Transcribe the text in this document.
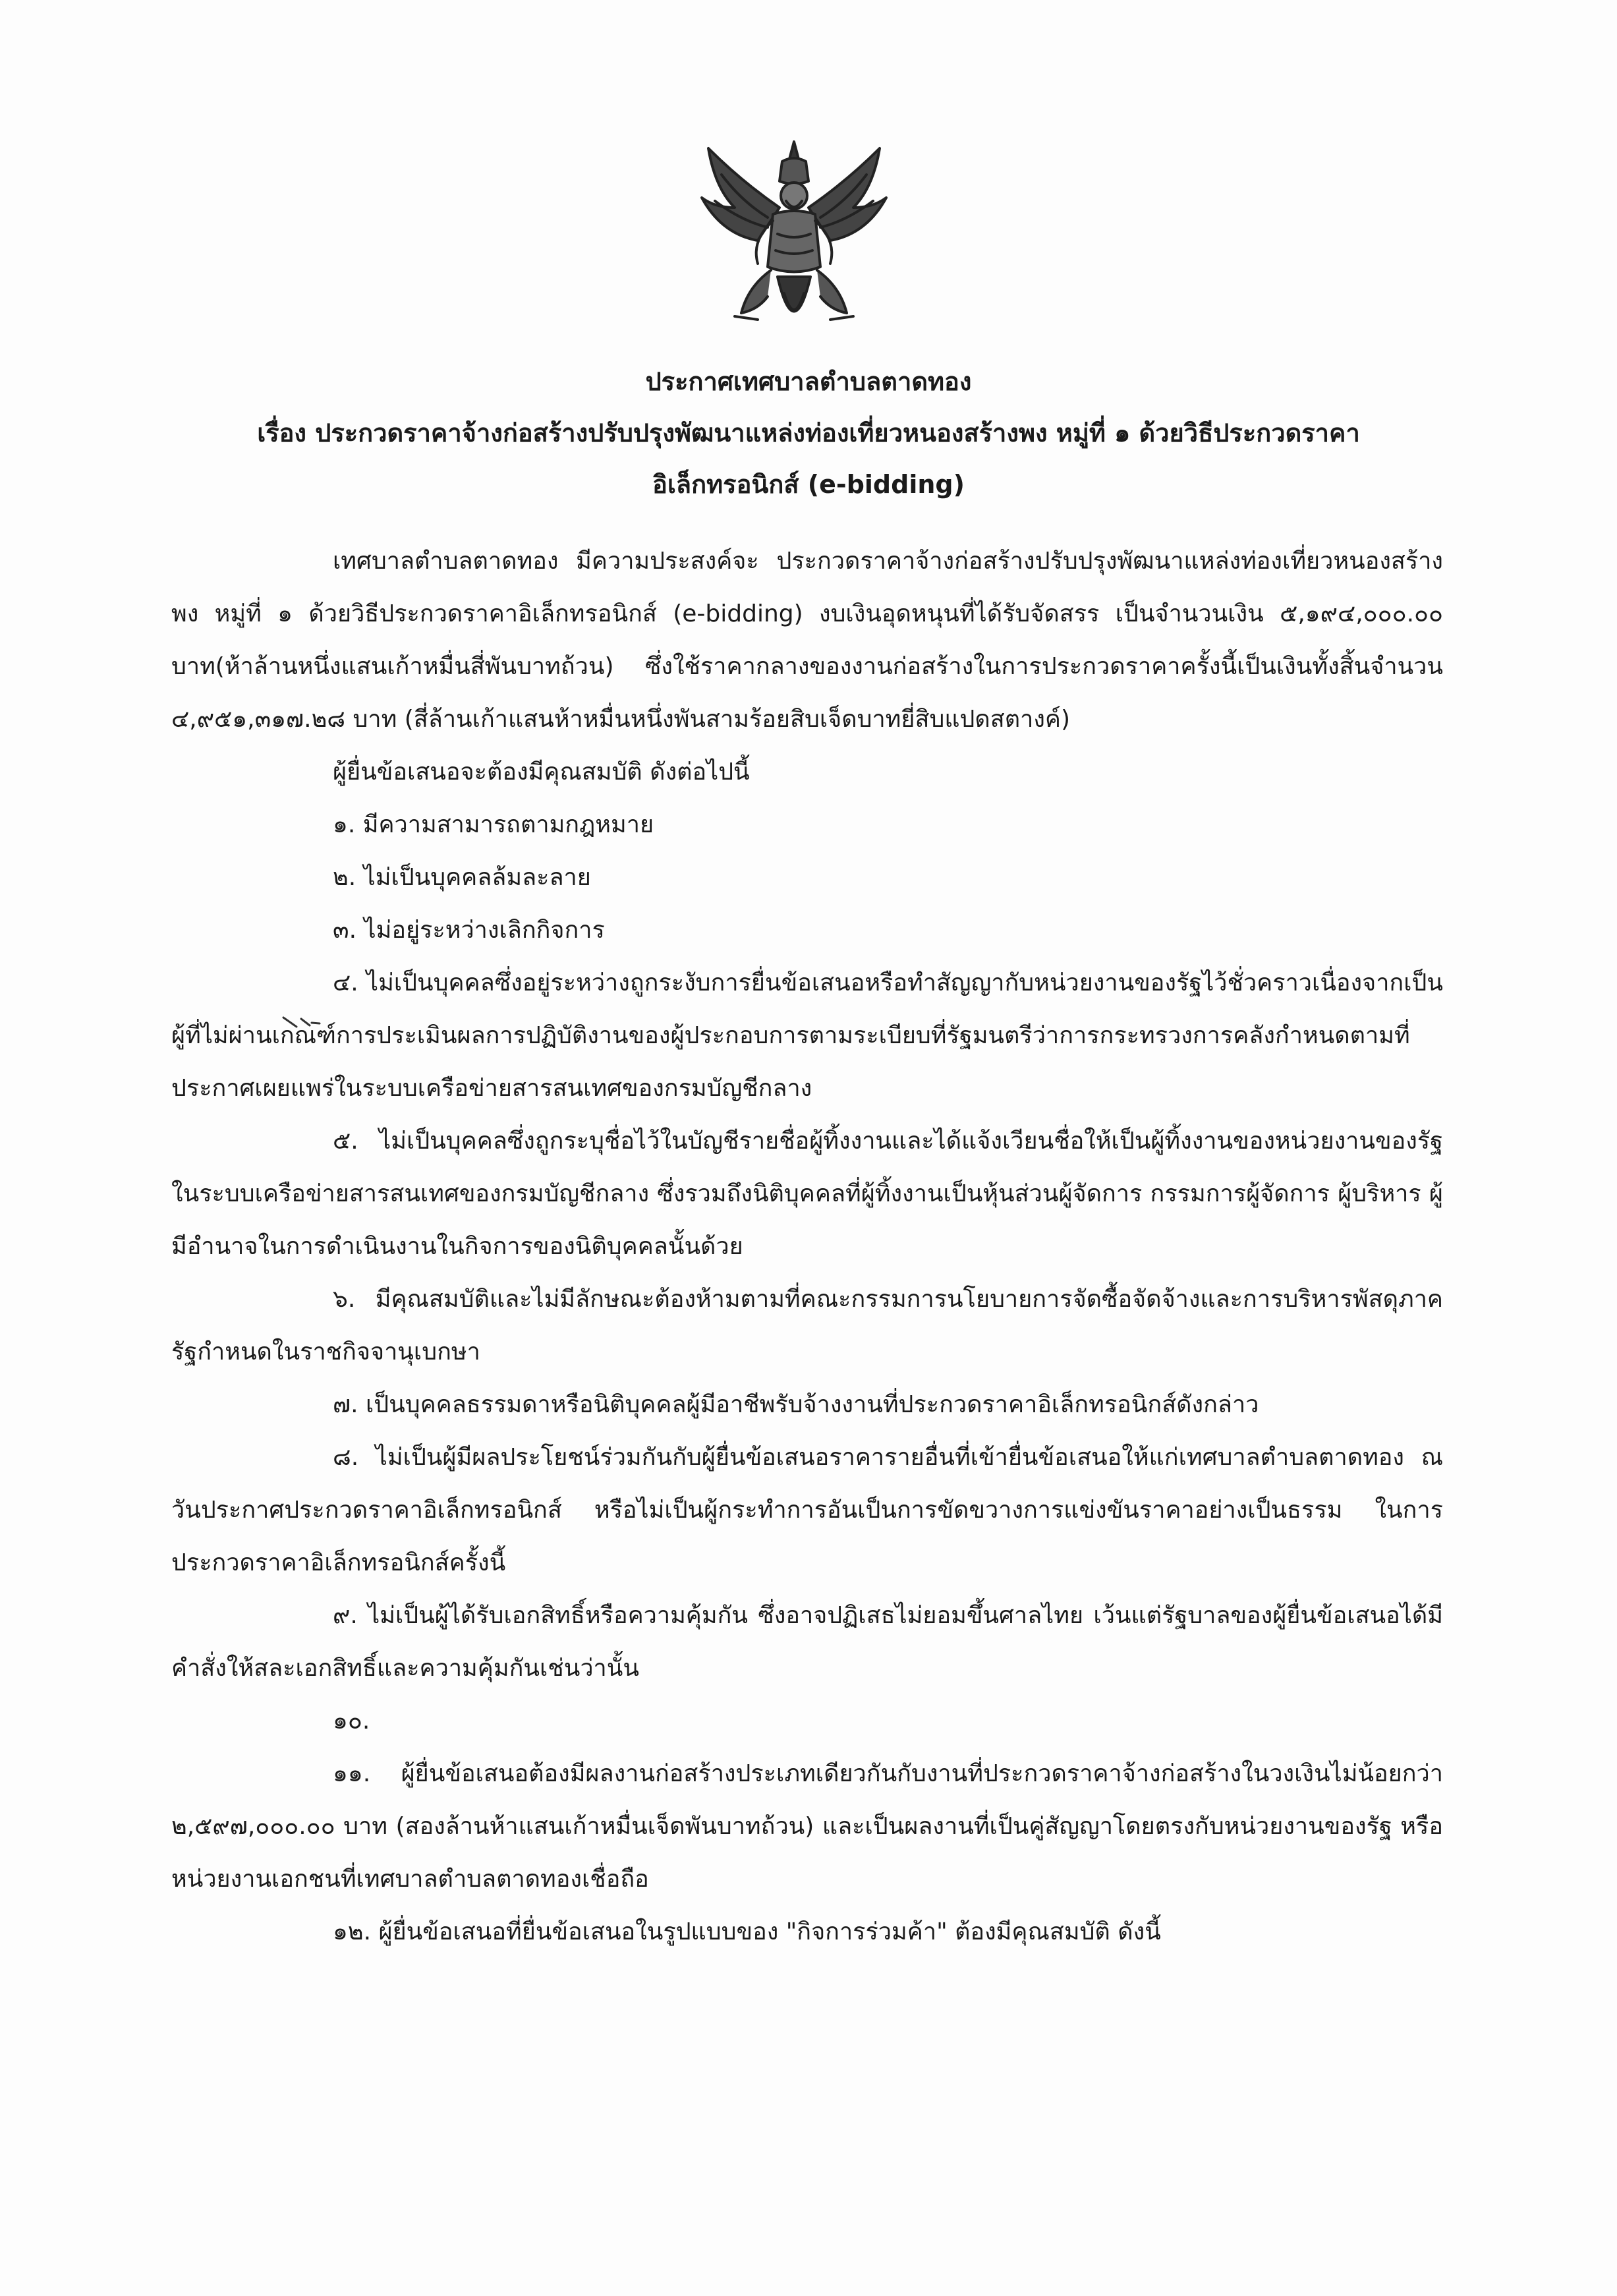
ประกาศเทศบาลตำบลตาดทอง
เรื่อง ประกวดราคาจ้างก่อสร้างปรับปรุงพัฒนาแหล่งท่องเที่ยวหนองสร้างพง หมู่ที่ ๑ ด้วยวิธีประกวดราคา
อิเล็กทรอนิกส์ (e-bidding)

เทศบาลตำบลตาดทอง มีความประสงค์จะ ประกวดราคาจ้างก่อสร้างปรับปรุงพัฒนาแหล่งท่องเที่ยวหนองสร้างพง หมู่ที่ ๑ ด้วยวิธีประกวดราคาอิเล็กทรอนิกส์ (e-bidding) งบเงินอุดหนุนที่ได้รับจัดสรร เป็นจำนวนเงิน ๕,๑๙๔,๐๐๐.๐๐ บาท(ห้าล้านหนึ่งแสนเก้าหมื่นสี่พันบาทถ้วน) ซึ่งใช้ราคากลางของงานก่อสร้างในการประกวดราคาครั้งนี้เป็นเงินทั้งสิ้นจำนวน ๔,๙๕๑,๓๑๗.๒๘ บาท (สี่ล้านเก้าแสนห้าหมื่นหนึ่งพันสามร้อยสิบเจ็ดบาทยี่สิบแปดสตางค์)

ผู้ยื่นข้อเสนอจะต้องมีคุณสมบัติ ดังต่อไปนี้

๑. มีความสามารถตามกฎหมาย

๒. ไม่เป็นบุคคลล้มละลาย

๓. ไม่อยู่ระหว่างเลิกกิจการ

๔. ไม่เป็นบุคคลซึ่งอยู่ระหว่างถูกระงับการยื่นข้อเสนอหรือทำสัญญากับหน่วยงานของรัฐไว้ชั่วคราวเนื่องจากเป็นผู้ที่ไม่ผ่านเกณฑ์การประเมินผลการปฏิบัติงานของผู้ประกอบการตามระเบียบที่รัฐมนตรีว่าการกระทรวงการคลังกำหนดตามที่ประกาศเผยแพร่ในระบบเครือข่ายสารสนเทศของกรมบัญชีกลาง

๕. ไม่เป็นบุคคลซึ่งถูกระบุชื่อไว้ในบัญชีรายชื่อผู้ทิ้งงานและได้แจ้งเวียนชื่อให้เป็นผู้ทิ้งงานของหน่วยงานของรัฐในระบบเครือข่ายสารสนเทศของกรมบัญชีกลาง ซึ่งรวมถึงนิติบุคคลที่ผู้ทิ้งงานเป็นหุ้นส่วนผู้จัดการ กรรมการผู้จัดการ ผู้บริหาร ผู้มีอำนาจในการดำเนินงานในกิจการของนิติบุคคลนั้นด้วย

๖. มีคุณสมบัติและไม่มีลักษณะต้องห้ามตามที่คณะกรรมการนโยบายการจัดซื้อจัดจ้างและการบริหารพัสดุภาครัฐกำหนดในราชกิจจานุเบกษา

๗. เป็นบุคคลธรรมดาหรือนิติบุคคลผู้มีอาชีพรับจ้างงานที่ประกวดราคาอิเล็กทรอนิกส์ดังกล่าว

๘. ไม่เป็นผู้มีผลประโยชน์ร่วมกันกับผู้ยื่นข้อเสนอราคารายอื่นที่เข้ายื่นข้อเสนอให้แก่เทศบาลตำบลตาดทอง ณ วันประกาศประกวดราคาอิเล็กทรอนิกส์ หรือไม่เป็นผู้กระทำการอันเป็นการขัดขวางการแข่งขันราคาอย่างเป็นธรรม ในการประกวดราคาอิเล็กทรอนิกส์ครั้งนี้

๙. ไม่เป็นผู้ได้รับเอกสิทธิ์หรือความคุ้มกัน ซึ่งอาจปฏิเสธไม่ยอมขึ้นศาลไทย เว้นแต่รัฐบาลของผู้ยื่นข้อเสนอได้มีคำสั่งให้สละเอกสิทธิ์และความคุ้มกันเช่นว่านั้น

๑๐.

๑๑. ผู้ยื่นข้อเสนอต้องมีผลงานก่อสร้างประเภทเดียวกันกับงานที่ประกวดราคาจ้างก่อสร้างในวงเงินไม่น้อยกว่า ๒,๕๙๗,๐๐๐.๐๐ บาท (สองล้านห้าแสนเก้าหมื่นเจ็ดพันบาทถ้วน) และเป็นผลงานที่เป็นคู่สัญญาโดยตรงกับหน่วยงานของรัฐ หรือหน่วยงานเอกชนที่เทศบาลตำบลตาดทองเชื่อถือ

๑๒. ผู้ยื่นข้อเสนอที่ยื่นข้อเสนอในรูปแบบของ "กิจการร่วมค้า" ต้องมีคุณสมบัติ ดังนี้
